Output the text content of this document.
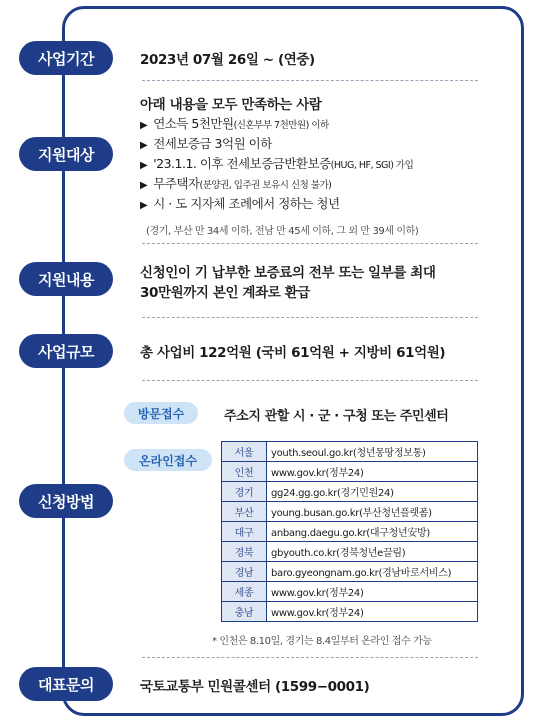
사업기간	2023년 07월 26일 ~ (연중)
지원대상
아래 내용을 모두 만족하는 사람
▶ 연소득 5천만원(신혼부부 7천만원) 이하
▶ 전세보증금 3억원 이하
▶ '23.1.1. 이후 전세보증금반환보증(HUG, HF, SGI) 가입
▶ 무주택자(분양권, 입주권 보유시 신청 불가)
▶ 시 · 도 지자체 조례에서 정하는 청년
(경기, 부산 만 34세 이하, 전남 만 45세 이하, 그 외 만 39세 이하)
지원내용	신청인이 기 납부한 보증료의 전부 또는 일부를 최대
30만원까지 본인 계좌로 환급
사업규모	총 사업비 122억원 (국비 61억원 + 지방비 61억원)
신청방법
방문접수	주소지 관할 시 · 군 · 구청 또는 주민센터
온라인접수	서울	youth.seoul.go.kr(청년몽땅정보통)
인천	www.gov.kr(정부24)
경기	gg24.gg.go.kr(경기민원24)
부산	young.busan.go.kr(부산청년플랫폼)
대구	anbang.daegu.go.kr(대구청년安방)
경북	gbyouth.co.kr(경북청년e끌림)
경남	baro.gyeongnam.go.kr(경남바로서비스)
세종	www.gov.kr(정부24)
충남	www.gov.kr(정부24)
* 인천은 8.10일, 경기는 8.4일부터 온라인 접수 가능
대표문의	국토교통부 민원콜센터 (1599−0001)
